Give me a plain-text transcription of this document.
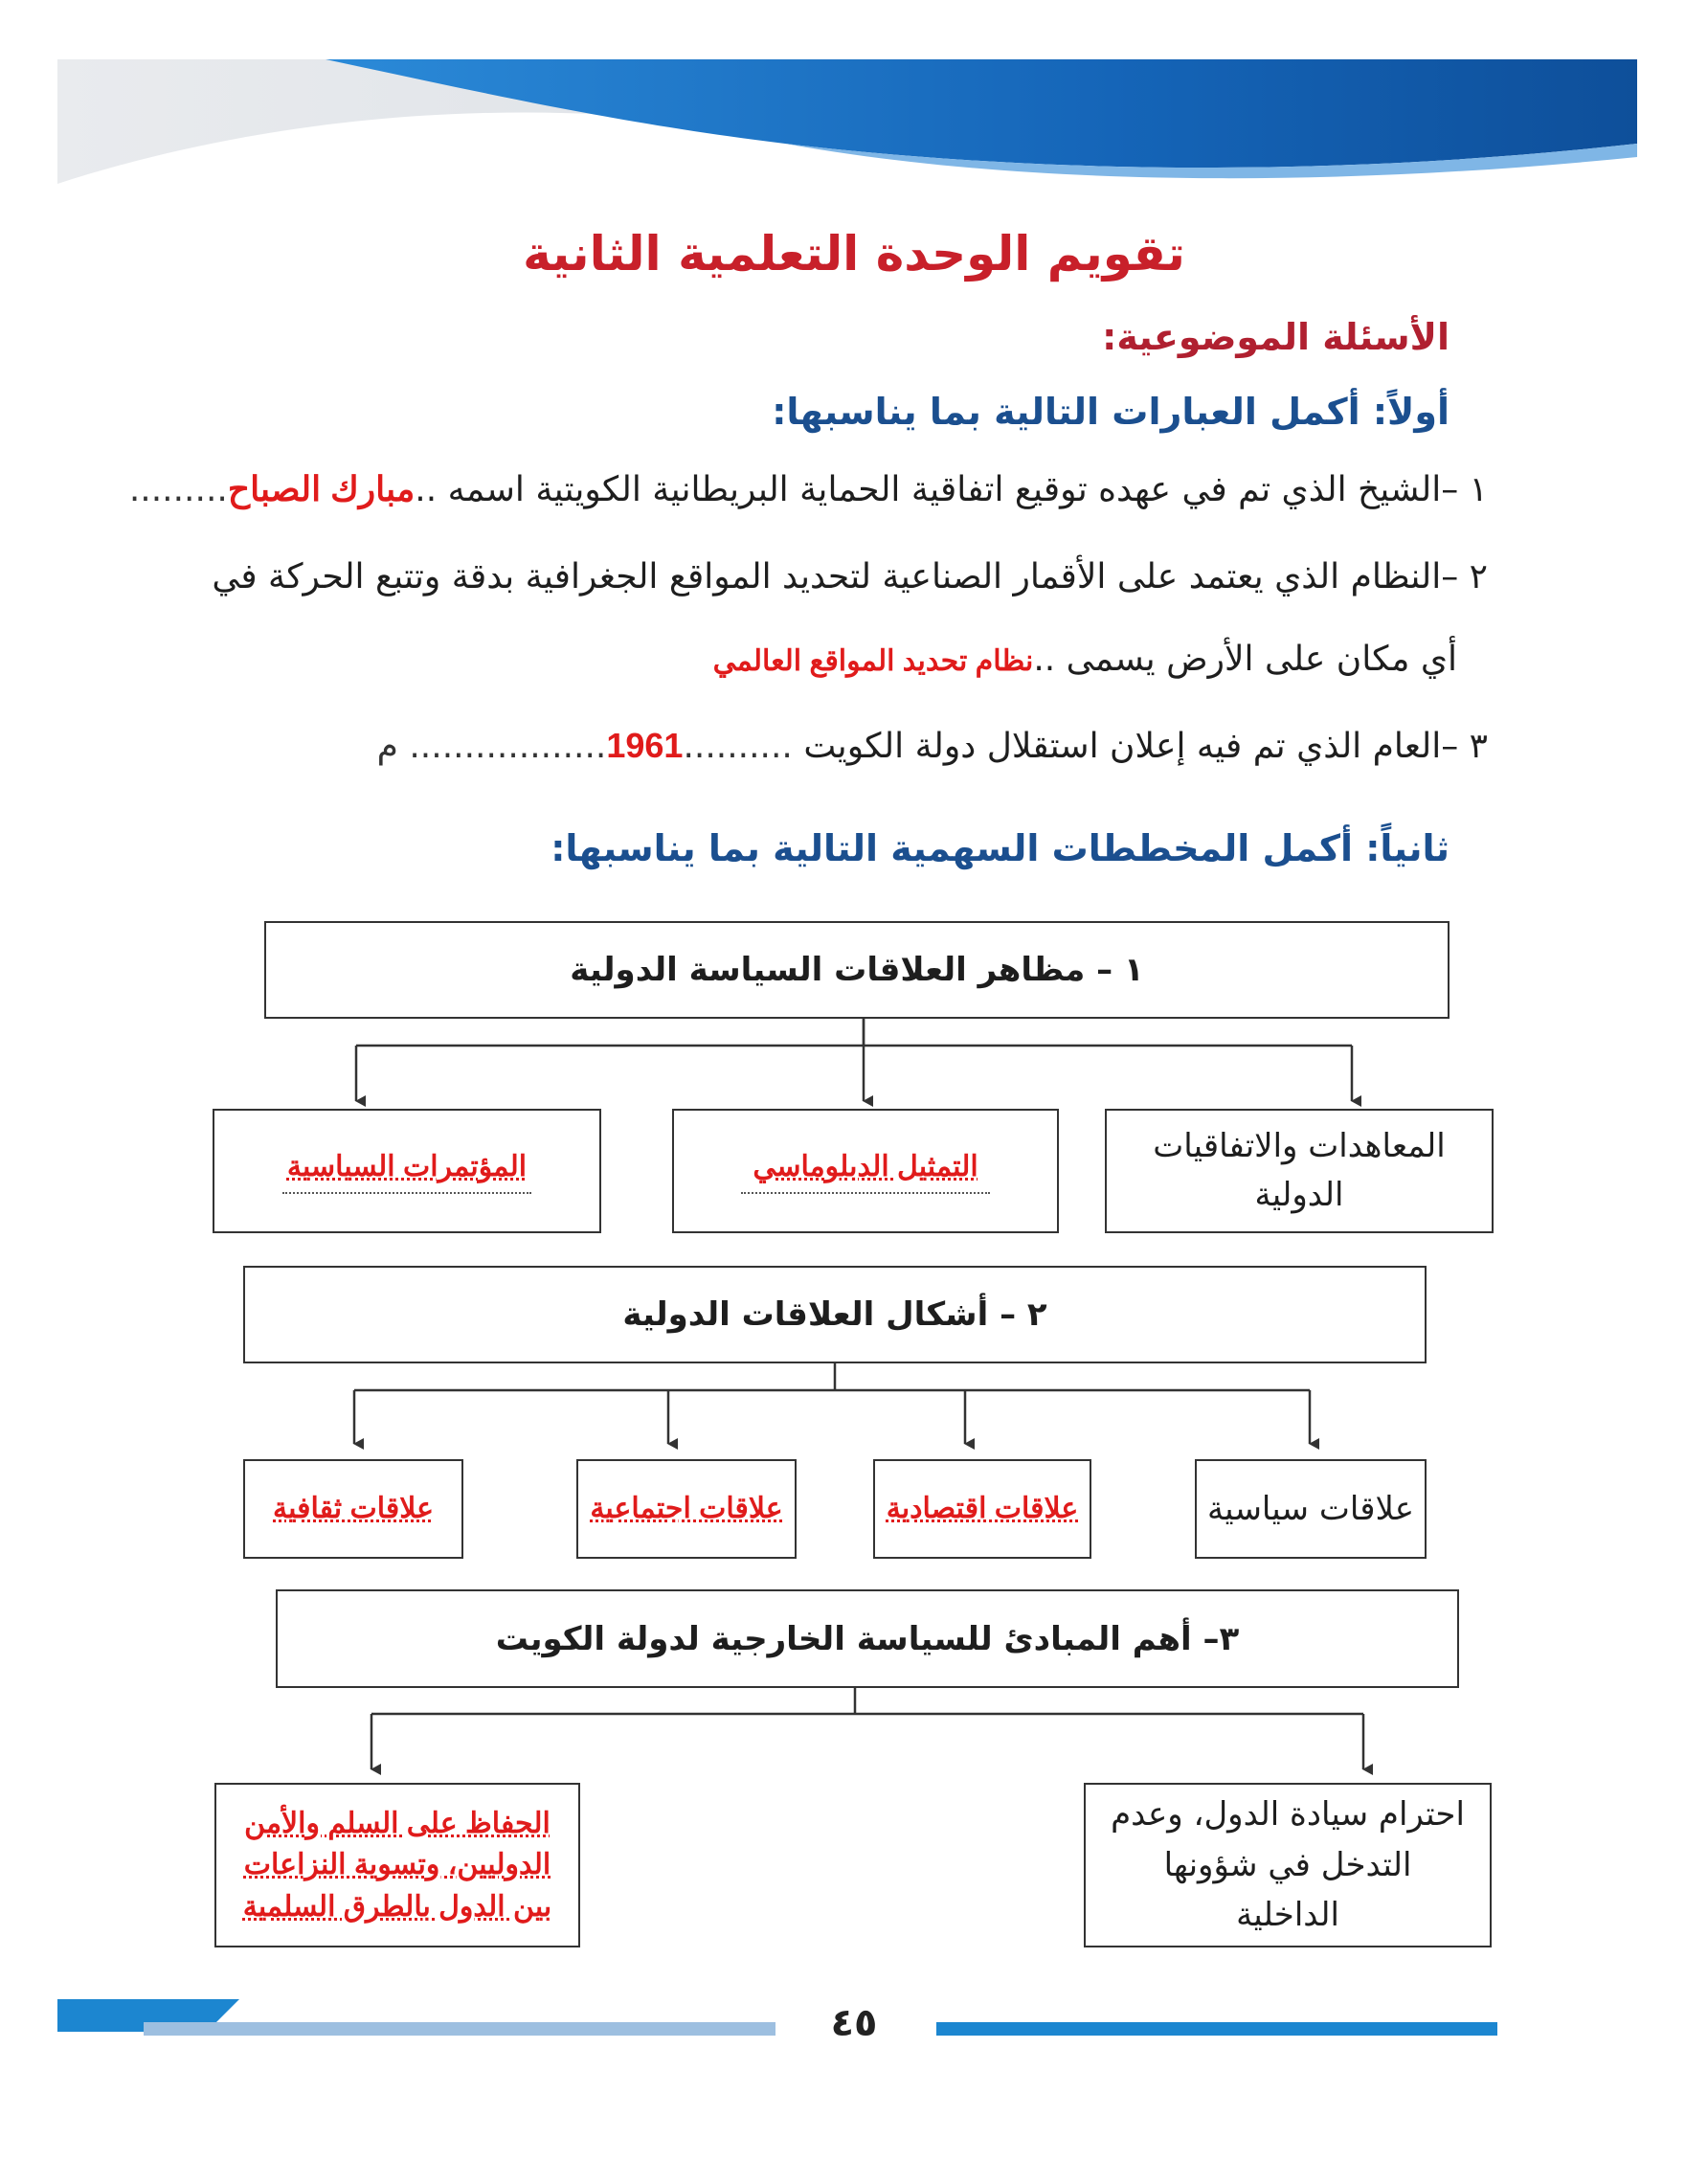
تقويم الوحدة التعلمية الثانية
الأسئلة الموضوعية:
أولاً: أكمل العبارات التالية بما يناسبها:
١ –الشيخ الذي تم في عهده توقيع اتفاقية الحماية البريطانية الكويتية اسمه ..مبارك الصباح.........
٢ –النظام الذي يعتمد على الأقمار الصناعية لتحديد المواقع الجغرافية بدقة وتتبع الحركة في
أي مكان على الأرض يسمى ..نظام تحديد المواقع العالمي
٣ –العام الذي تم فيه إعلان استقلال دولة الكويت ..........1961.................. م
ثانياً: أكمل المخططات السهمية التالية بما يناسبها:
١ – مظاهر العلاقات السياسة الدولية
المعاهدات والاتفاقيات الدولية
التمثيل الدبلوماسي
المؤتمرات السياسية
٢ – أشكال العلاقات الدولية
علاقات سياسية
علاقات اقتصادية
علاقات اجتماعية
علاقات ثقافية
٣– أهم المبادئ للسياسة الخارجية لدولة الكويت
احترام سيادة الدول، وعدم التدخل في شؤونها الداخلية
الحفاظ على السلم والأمن الدوليين، وتسوية النزاعات بين الدول بالطرق السلمية
٤٥
